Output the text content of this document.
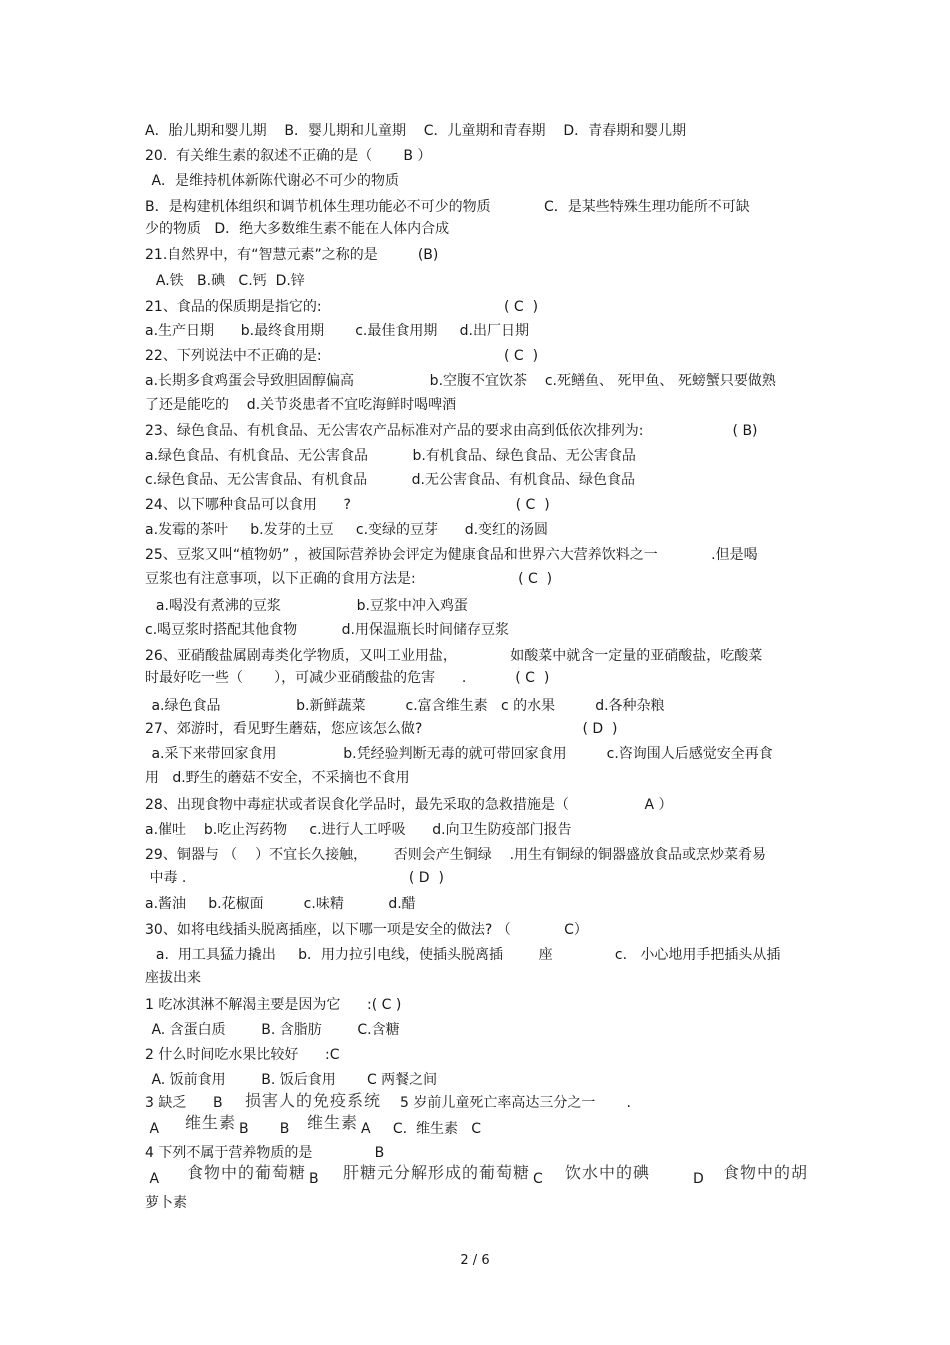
A．胎儿期和婴儿期    B．婴儿期和儿童期    C．儿童期和青春期    D．青春期和婴儿期
20.  有关维生素的叙述不正确的是（       B ）
A．是维持机体新陈代谢必不可少的物质
B．是构建机体组织和调节机体生理功能必不可少的物质            C．是某些特殊生理功能所不可缺
少的物质   D．绝大多数维生素不能在人体内合成
21.自然界中，有“智慧元素”之称的是         (B)
A.铁   B.碘   C.钙  D.锌
21、食品的保质期是指它的:                                         ( C  )
a.生产日期      b.最终食用期       c.最佳食用期     d.出厂日期
22、下列说法中不正确的是:                                         ( C  )
a.长期多食鸡蛋会导致胆固醇偏高                 b.空腹不宜饮茶    c.死鳝鱼、 死甲鱼、 死螃蟹只要做熟
了还是能吃的    d.关节炎患者不宜吃海鲜时喝啤酒
23、绿色食品、有机食品、无公害农产品标准对产品的要求由高到低依次排列为:                    ( B)
a.绿色食品、有机食品、无公害食品          b.有机食品、绿色食品、无公害食品
c.绿色食品、无公害食品、有机食品          d.无公害食品、有机食品、绿色食品
24、以下哪种食品可以食用      ?                                     ( C  )
a.发霉的茶叶     b.发芽的土豆     c.变绿的豆芽      d.变红的汤圆
25、豆浆又叫“植物奶” ，被国际营养协会评定为健康食品和世界六大营养饮料之一            .但是喝
豆浆也有注意事项，以下正确的食用方法是:                       ( C  )
a.喝没有煮沸的豆浆                 b.豆浆中冲入鸡蛋
c.喝豆浆时搭配其他食物          d.用保温瓶长时间储存豆浆
26、亚硝酸盐属剧毒类化学物质，又叫工业用盐，            如酸菜中就含一定量的亚硝酸盐，吃酸菜
时最好吃一些（       ），可减少亚硝酸盐的危害      .           ( C  )
a.绿色食品                 b.新鲜蔬菜         c.富含维生素   c 的水果         d.各种杂粮
27、郊游时，看见野生蘑菇，您应该怎么做?                                    ( D  )
a.采下来带回家食用               b.凭经验判断无毒的就可带回家食用         c.咨询围人后感觉安全再食
用   d.野生的蘑菇不安全，不采摘也不食用
28、出现食物中毒症状或者误食化学品时，最先采取的急救措施是（                 A ）
a.催吐    b.吃止泻药物     c.进行人工呼吸      d.向卫生防疫部门报告
29、铜器与 （    ）不宜长久接触，      否则会产生铜绿    .用生有铜绿的铜器盛放食品或烹炒菜肴易
中毒 .                                                  ( D  )
a.酱油     b.花椒面         c.味精          d.醋
30、如将电线插头脱离插座，以下哪一项是安全的做法? （            C）
a.  用工具猛力撬出     b．用力拉引电线，使插头脱离插        座              c.   小心地用手把插头从插
座拔出来
1 吃冰淇淋不解渴主要是因为它      :( C )
A. 含蛋白质        B. 含脂肪        C.含糖
2 什么时间吃水果比较好      :C
A. 饭前食用        B. 饭后食用       C 两餐之间

3 缺乏      B

损害人的免疫系统

5 岁前儿童死亡率高达三分之一       .

A

维生素

B       B

维生素

A     C.  维生素   C

4 下列不属于营养物质的是              B

A

食物中的葡萄糖

B

肝糖元分解形成的葡萄糖

C

饮水中的碘

	D

食物中的胡

萝卜素

2 / 6
